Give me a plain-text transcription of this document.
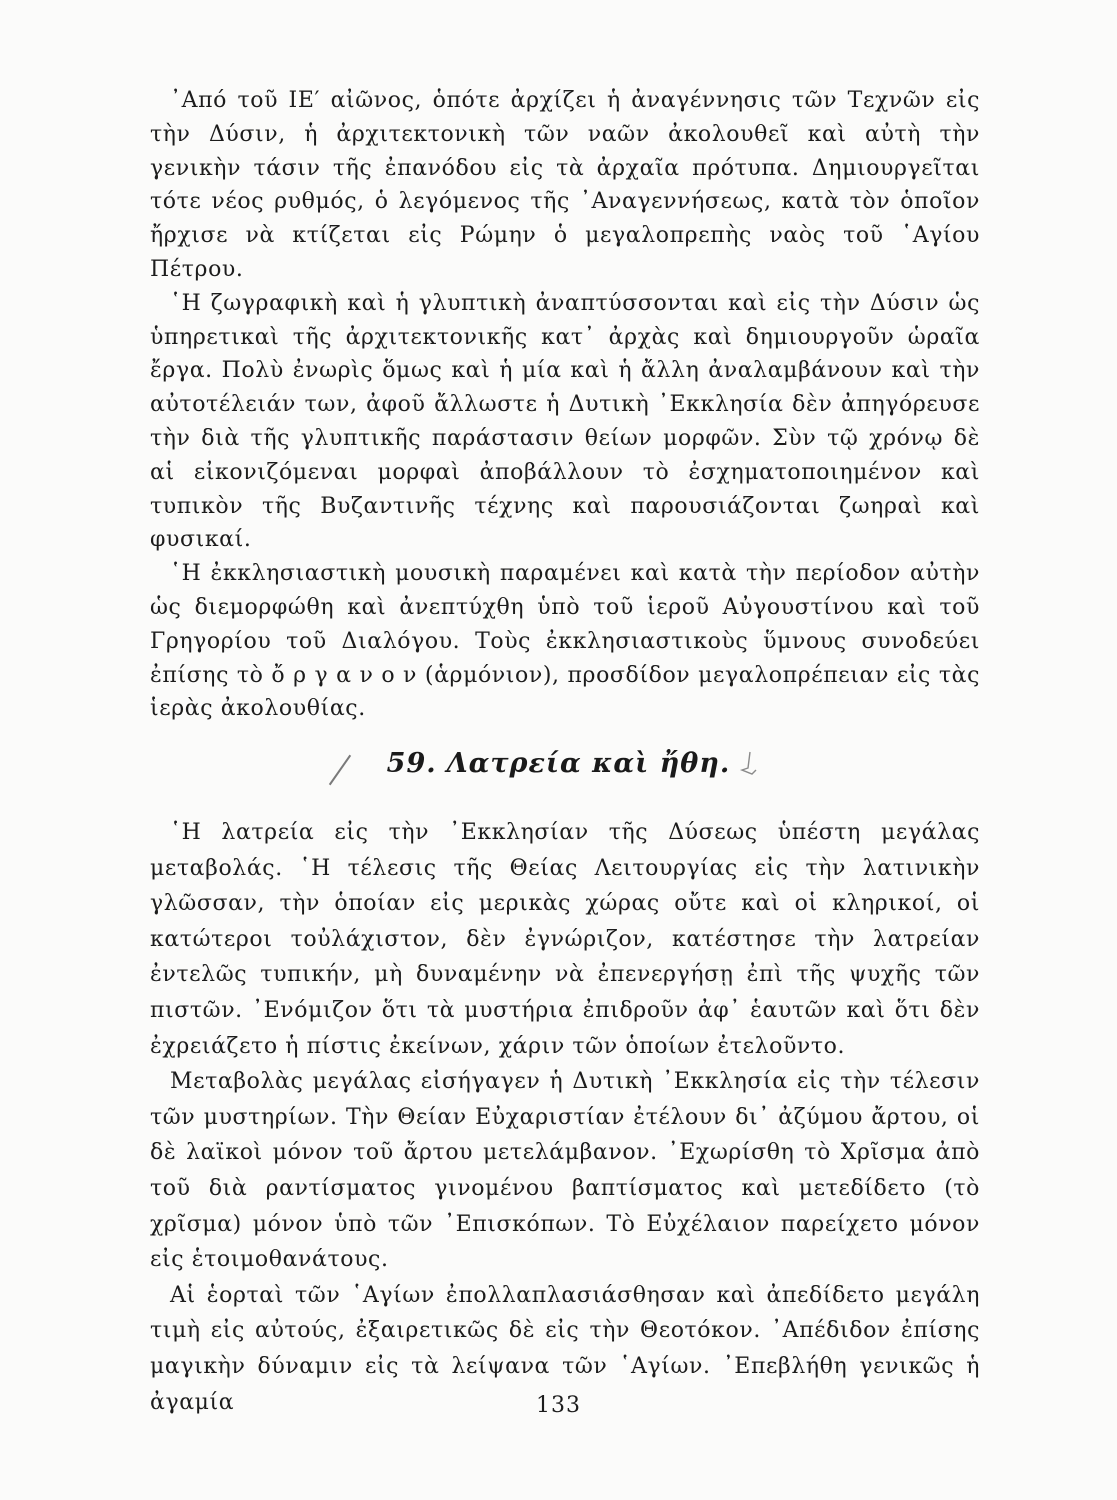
᾿Από τοῦ ΙΕ′ αἰῶνος, ὁπότε ἀρχίζει ἡ ἀναγέννησις τῶν Τεχνῶν εἰς τὴν Δύσιν, ἡ ἀρχιτεκτονικὴ τῶν ναῶν ἀκολουθεῖ καὶ αὐτὴ τὴν γενικὴν τάσιν τῆς ἐπανόδου εἰς τὰ ἀρχαῖα πρότυπα. Δημιουργεῖται τότε νέος ρυθμός, ὁ λεγόμενος τῆς ᾿Αναγεννήσεως, κατὰ τὸν ὁποῖον ἤρχισε νὰ κτίζεται εἰς Ρώμην ὁ μεγαλοπρεπὴς ναὸς τοῦ ῾Αγίου Πέτρου.

῾Η ζωγραφικὴ καὶ ἡ γλυπτικὴ ἀναπτύσσονται καὶ εἰς τὴν Δύσιν ὡς ὑπηρετικαὶ τῆς ἀρχιτεκτονικῆς κατ᾿ ἀρχὰς καὶ δημιουργοῦν ὡραῖα ἔργα. Πολὺ ἐνωρὶς ὅμως καὶ ἡ μία καὶ ἡ ἄλλη ἀναλαμβάνουν καὶ τὴν αὐτοτέλειάν των, ἀφοῦ ἄλλωστε ἡ Δυτικὴ ᾿Εκκλησία δὲν ἀπηγόρευσε τὴν διὰ τῆς γλυπτικῆς παράστασιν θείων μορφῶν. Σὺν τῷ χρόνῳ δὲ αἱ εἰκονιζόμεναι μορφαὶ ἀποβάλλουν τὸ ἐσχηματοποιημένον καὶ τυπικὸν τῆς Βυζαντινῆς τέχνης καὶ παρουσιάζονται ζωηραὶ καὶ φυσικαί.

῾Η ἐκκλησιαστικὴ μουσικὴ παραμένει καὶ κατὰ τὴν περίοδον αὐτὴν ὡς διεμορφώθη καὶ ἀνεπτύχθη ὑπὸ τοῦ ἱεροῦ Αὐγουστίνου καὶ τοῦ Γρηγορίου τοῦ Διαλόγου. Τοὺς ἐκκλησιαστικοὺς ὕμνους συνοδεύει ἐπίσης τὸ ὄ ρ γ α ν ο ν (ἁρμόνιον), προσδίδον μεγαλοπρέπειαν εἰς τὰς ἱερὰς ἀκολουθίας.

59. Λατρεία καὶ ἤθη.

῾Η λατρεία εἰς τὴν ᾿Εκκλησίαν τῆς Δύσεως ὑπέστη μεγάλας μεταβολάς. ῾Η τέλεσις τῆς Θείας Λειτουργίας εἰς τὴν λατινικὴν γλῶσσαν, τὴν ὁποίαν εἰς μερικὰς χώρας οὔτε καὶ οἱ κληρικοί, οἱ κατώτεροι τοὐλάχιστον, δὲν ἐγνώριζον, κατέστησε τὴν λατρείαν ἐντελῶς τυπικήν, μὴ δυναμένην νὰ ἐπενεργήσῃ ἐπὶ τῆς ψυχῆς τῶν πιστῶν. ᾿Ενόμιζον ὅτι τὰ μυστήρια ἐπιδροῦν ἀφ᾿ ἑαυτῶν καὶ ὅτι δὲν ἐχρειάζετο ἡ πίστις ἐκείνων, χάριν τῶν ὁποίων ἐτελοῦντο.

Μεταβολὰς μεγάλας εἰσήγαγεν ἡ Δυτικὴ ᾿Εκκλησία εἰς τὴν τέλεσιν τῶν μυστηρίων. Τὴν Θείαν Εὐχαριστίαν ἐτέλουν δι᾿ ἀζύμου ἄρτου, οἱ δὲ λαϊκοὶ μόνον τοῦ ἄρτου μετελάμβανον. ᾿Εχωρίσθη τὸ Χρῖσμα ἀπὸ τοῦ διὰ ραντίσματος γινομένου βαπτίσματος καὶ μετεδίδετο (τὸ χρῖσμα) μόνον ὑπὸ τῶν ᾿Επισκόπων. Τὸ Εὐχέλαιον παρείχετο μόνον εἰς ἑτοιμοθανάτους.

Αἱ ἑορταὶ τῶν ῾Αγίων ἐπολλαπλασιάσθησαν καὶ ἀπεδίδετο μεγάλη τιμὴ εἰς αὐτούς, ἐξαιρετικῶς δὲ εἰς τὴν Θεοτόκον. ᾿Απέδιδον ἐπίσης μαγικὴν δύναμιν εἰς τὰ λείψανα τῶν ῾Αγίων. ᾿Επεβλήθη γενικῶς ἡ ἀγαμία	133
